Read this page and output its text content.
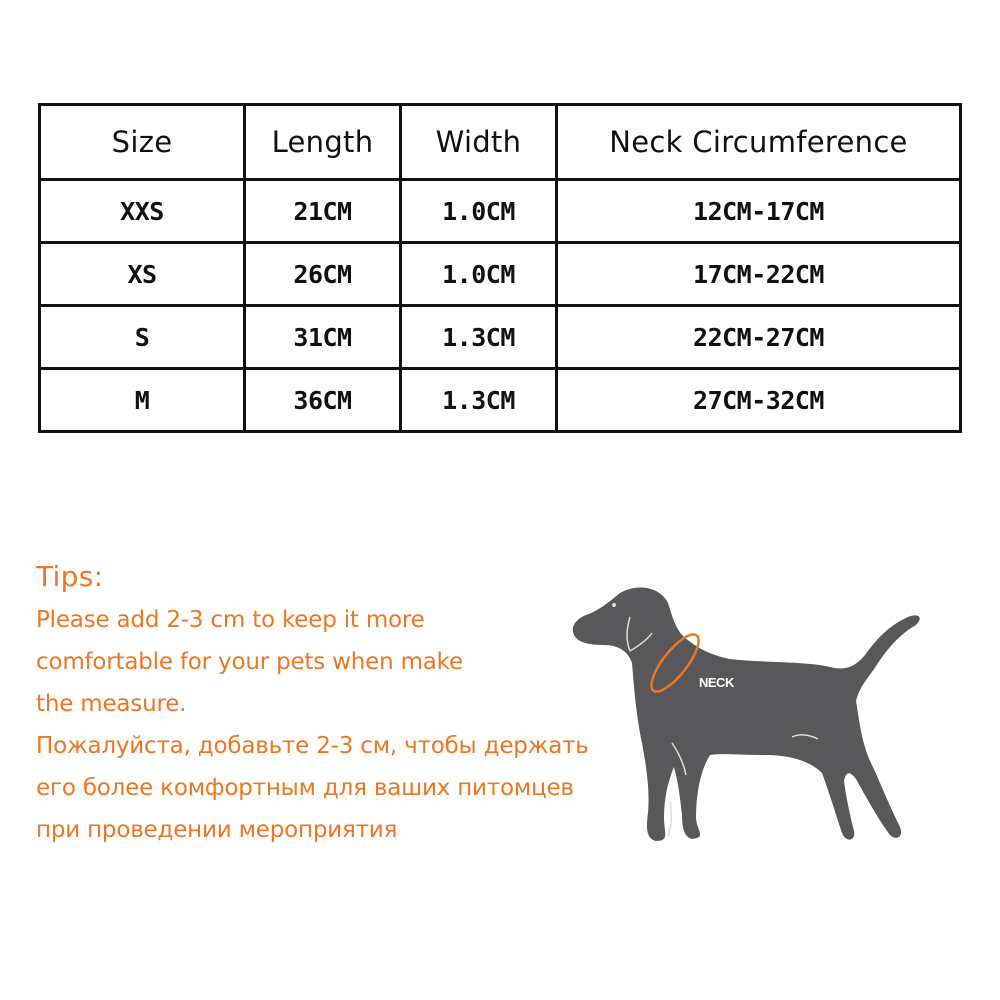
Size	Length	Width	Neck Circumference
XXS	21CM	1.0CM	12CM-17CM
XS	26CM	1.0CM	17CM-22CM
S	31CM	1.3CM	22CM-27CM
M	36CM	1.3CM	27CM-32CM

Tips:

Please add 2-3 cm to keep it more

comfortable for your pets when make

the measure.

Пожалуйста, добавьте 2-3 см, чтобы держать

его более комфортным для ваших питомцев

при проведении мероприятия

NECK
